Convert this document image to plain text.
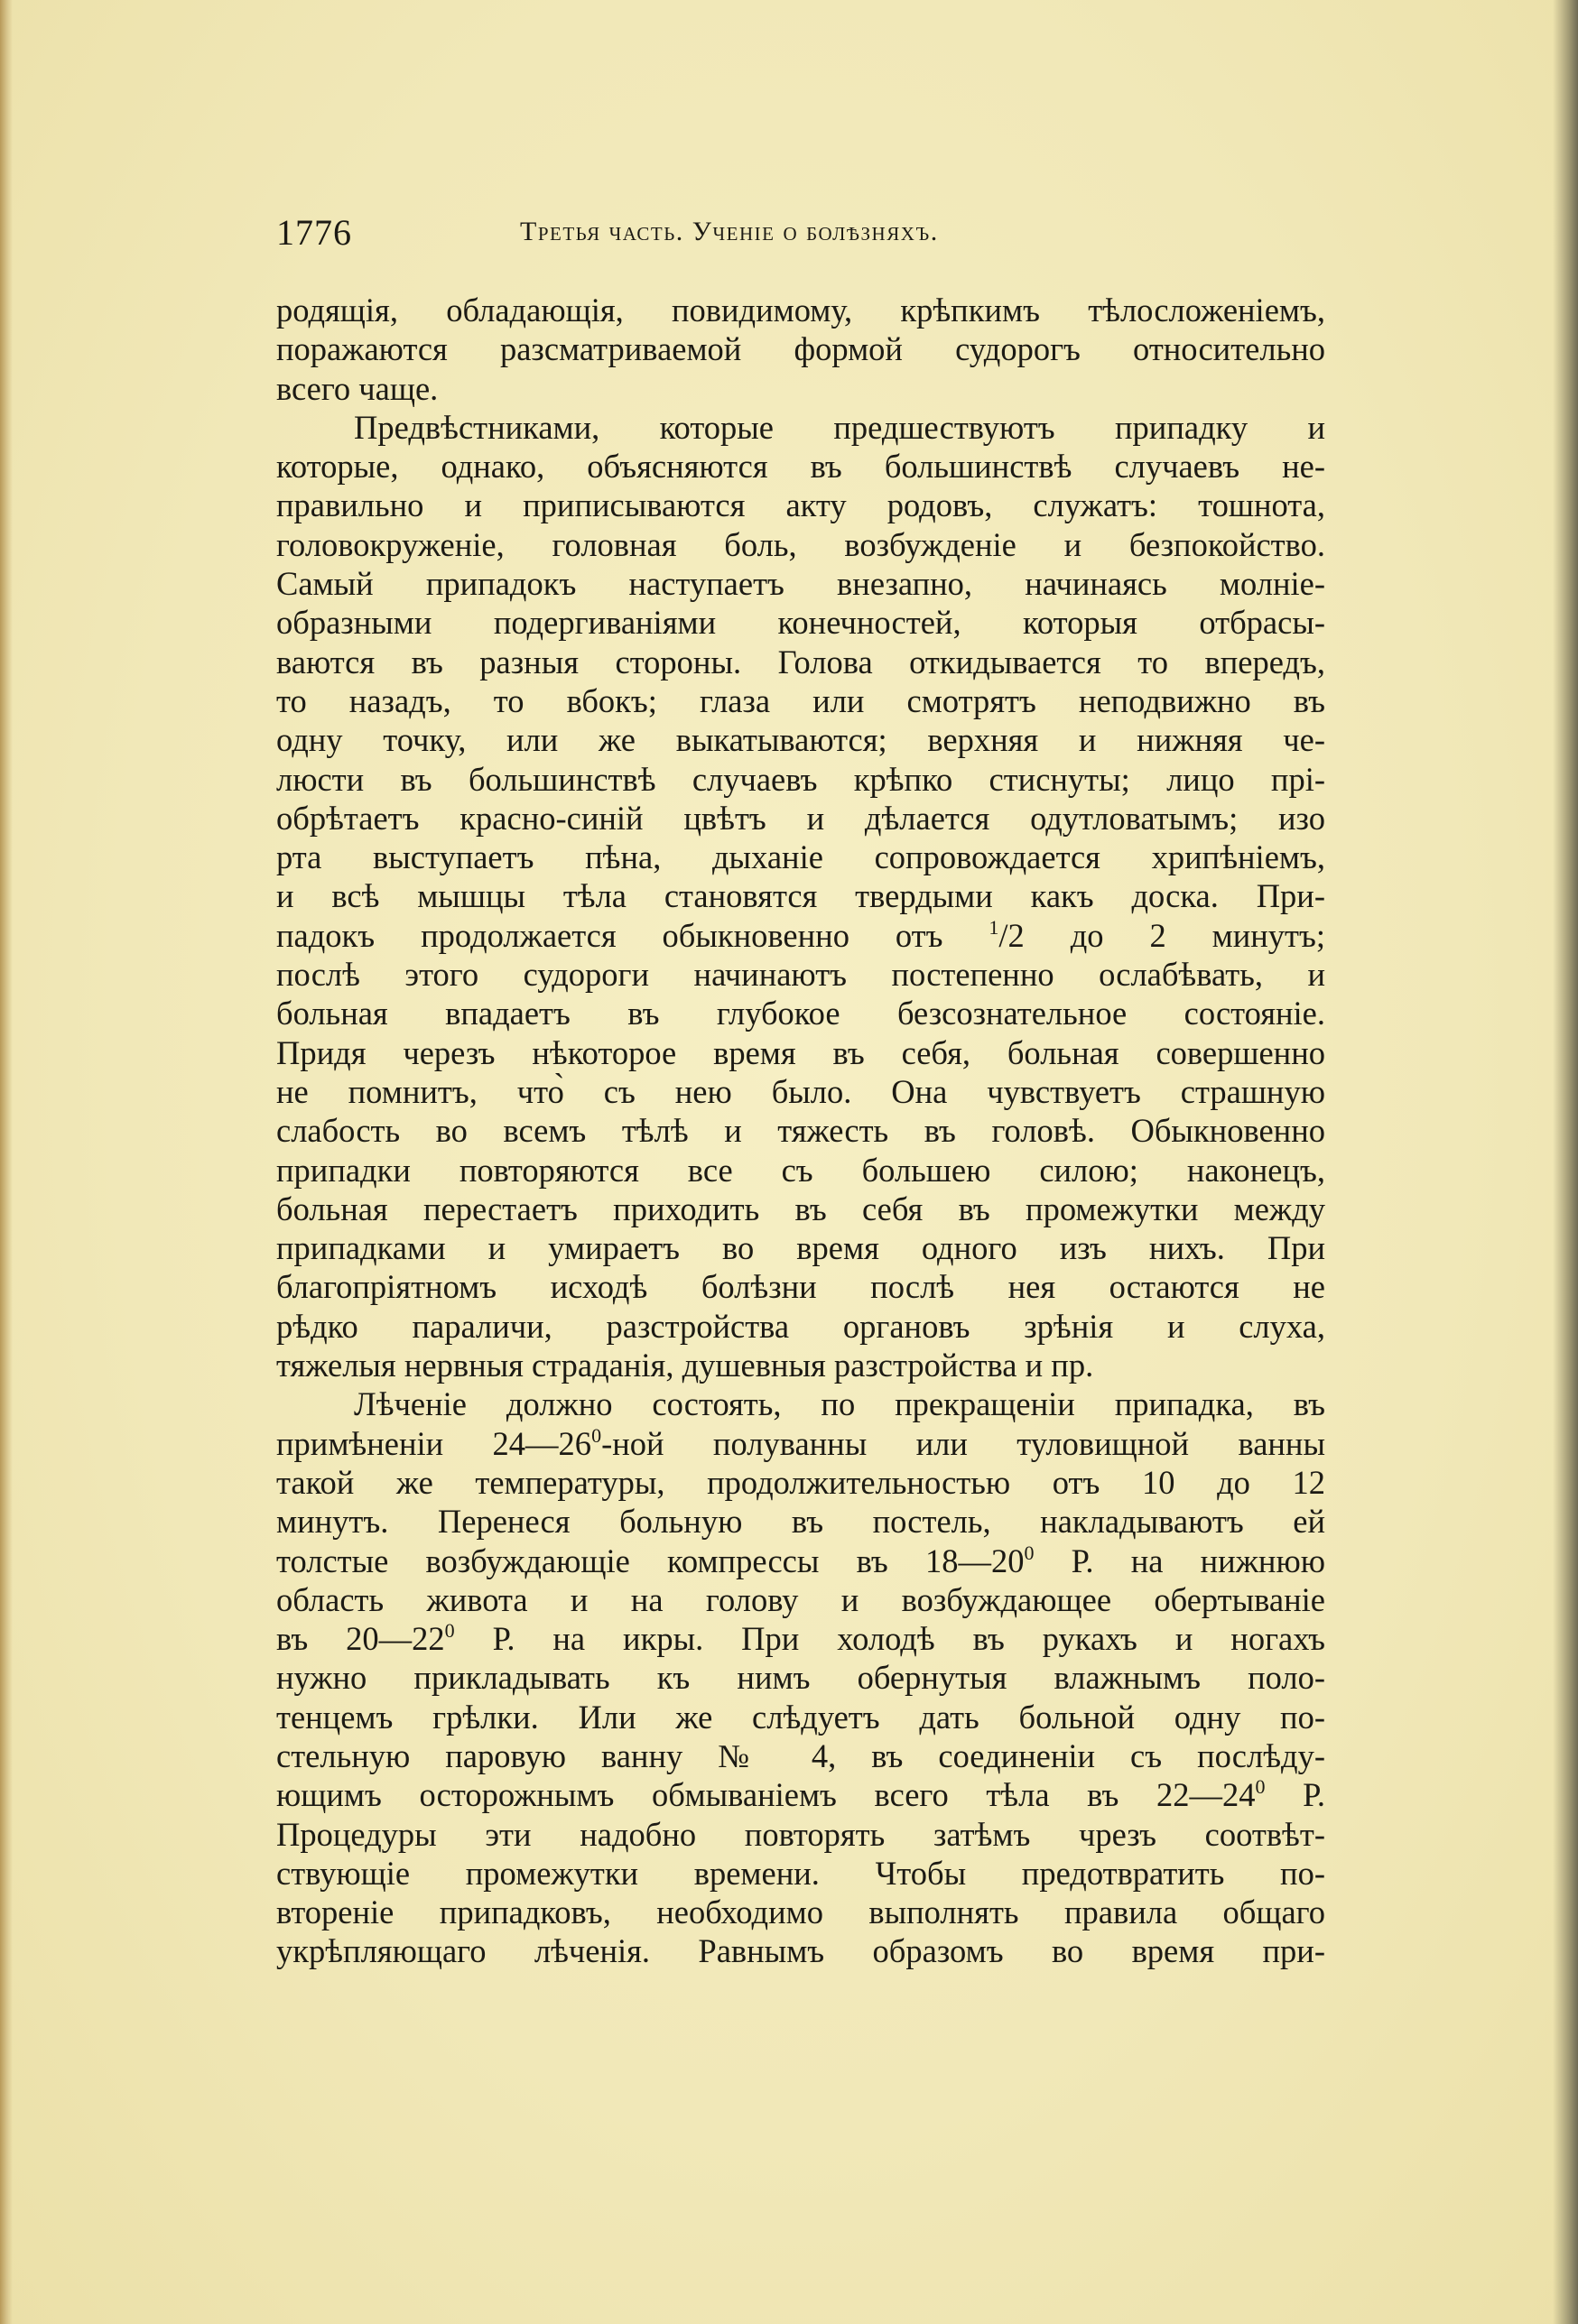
1776	Третья часть. Ученiе о болѣзняхъ.
родящія, обладающія, повидимому, крѣпкимъ тѣлосложеніемъ,
поражаются разсматриваемой формой судорогъ относительно
всего чаще.
Предвѣстниками, которые предшествуютъ припадку и
которые, однако, объясняются въ большинствѣ случаевъ не-
правильно и приписываются акту родовъ, служатъ: тошнота,
головокруженіе, головная боль, возбужденіе и безпокойство.
Самый припадокъ наступаетъ внезапно, начинаясь молніе-
образными подергиваніями конечностей, которыя отбрасы-
ваются въ разныя стороны. Голова откидывается то впередъ,
то назадъ, то вбокъ; глаза или смотрятъ неподвижно въ
одну точку, или же выкатываются; верхняя и нижняя че-
люсти въ большинствѣ случаевъ крѣпко стиснуты; лицо прі-
обрѣтаетъ красно-синій цвѣтъ и дѣлается одутловатымъ; изо
рта выступаетъ пѣна, дыханіе сопровождается хрипѣніемъ,
и всѣ мышцы тѣла становятся твердыми какъ доска. При-
падокъ продолжается обыкновенно отъ $^1$/2 до 2 минутъ;
послѣ этого судороги начинаютъ постепенно ослабѣвать, и
больная впадаетъ въ глубокое безсознательное состояніе.
Придя черезъ нѣкоторое время въ себя, больная совершенно
не помнитъ, что̀ съ нею было. Она чувствуетъ страшную
слабость во всемъ тѣлѣ и тяжесть въ головѣ. Обыкновенно
припадки повторяются все съ большею силою; наконецъ,
больная перестаетъ приходить въ себя въ промежутки между
припадками и умираетъ во время одного изъ нихъ. При
благопріятномъ исходѣ болѣзни послѣ нея остаются не
рѣдко параличи, разстройства органовъ зрѣнія и слуха,
тяжелыя нервныя страданія, душевныя разстройства и пр.
Лѣченіе должно состоять, по прекращеніи припадка, въ
примѣненіи $24—26^0$-ной полуванны или туловищной ванны
такой же температуры, продолжительностью отъ 10 до 12
минутъ. Перенеся больную въ постель, накладываютъ ей
толстые возбуждающіе компрессы въ $18—20^0$ Р. на нижнюю
область живота и на голову и возбуждающее обертываніе
въ $20—22^0$ Р. на икры. При холодѣ въ рукахъ и ногахъ
нужно прикладывать къ нимъ обернутыя влажнымъ поло-
тенцемъ грѣлки. Или же слѣдуетъ дать больной одну по-
стельную паровую ванну № 4, въ соединеніи съ послѣду-
ющимъ осторожнымъ обмываніемъ всего тѣла въ $22—24^0$ Р.
Процедуры эти надобно повторять затѣмъ чрезъ соотвѣт-
ствующіе промежутки времени. Чтобы предотвратить по-
втореніе припадковъ, необходимо выполнять правила общаго
укрѣпляющаго лѣченія. Равнымъ образомъ во время при-
